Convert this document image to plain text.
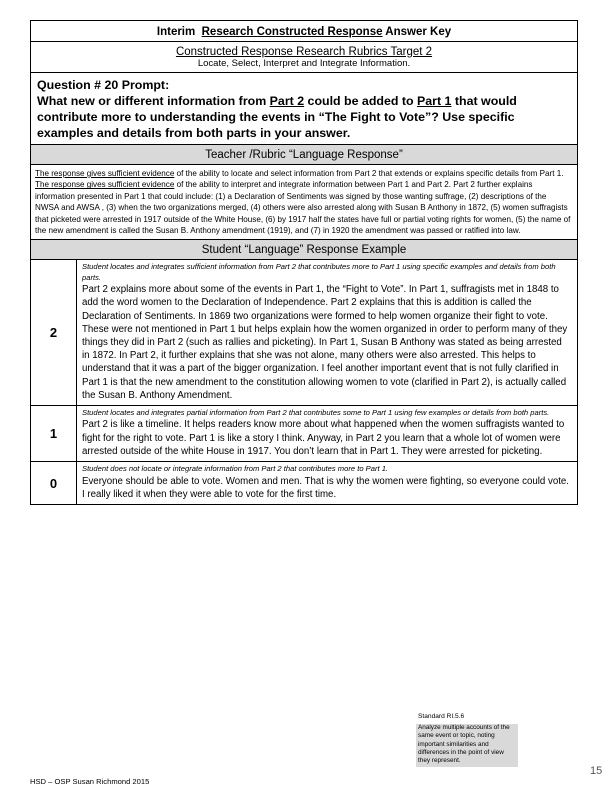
Interim Research Constructed Response Answer Key	

Constructed Response Research Rubrics Target 2
Locate, Select, Interpret and Integrate Information.	

Question # 20 Prompt:
What new or different information from Part 2 could be added to Part 1 that would contribute more to understanding the events in “The Fight to Vote”? Use specific examples and details from both parts in your answer.	

Teacher /Rubric “Language Response”	

The response gives sufficient evidence of the ability to locate and select information from Part 2 that extends or explains specific details from Part 1.
The response gives sufficient evidence of the ability to interpret and integrate information between Part 1 and Part 2. Part 2 further explains information presented in Part 1 that could include: (1) a Declaration of Sentiments was signed by those wanting suffrage, (2) descriptions of the NWSA and AWSA , (3) when the two organizations merged, (4) others were also arrested along with Susan B Anthony in 1872, (5) women suffragists that picketed were arrested in 1917 outside of the White House, (6) by 1917 half the states have full or partial voting rights for women, (5) the name of the new amendment is called the Susan B. Anthony amendment (1919), and (7) in 1920 the amendment was passed or ratified into law.	

Student “Language” Response Example	
2	Student locates and integrates sufficient information from Part 2 that contributes more to Part 1 using specific examples and details from both parts.
Part 2 explains more about some of the events in Part 1, the “Fight to Vote”. In Part 1, suffragists met in 1848 to add the word women to the Declaration of Independence. Part 2 explains that this is addition is called the Declaration of Sentiments. In 1869 two organizations were formed to help women organize their fight to vote. These were not mentioned in Part 1 but helps explain how the women organized in order to perform many of they things they did in Part 2 (such as rallies and picketing). In Part 1, Susan B Anthony was stated as being arrested in 1872. In Part 2, it further explains that she was not alone, many others were also arrested. This helps to understand that it was a part of the bigger organization. I feel another important event that is not fully clarified in Part 1 is that the new amendment to the constitution allowing women to vote (clarified in Part 2), is actually called the Susan B. Anthony Amendment.

1	Student locates and integrates partial information from Part 2 that contributes some to Part 1 using few examples or details from both parts.
Part 2 is like a timeline. It helps readers know more about what happened when the women suffragists wanted to fight for the right to vote. Part 1 is like a story I think. Anyway, in Part 2 you learn that a whole lot of women were arrested outside of the white House in 1917. You don’t learn that in Part 1. They were arrested for picketing.

0	Student does not locate or integrate information from Part 2 that contributes more to Part 1.
Everyone should be able to vote. Women and men. That is why the women were fighting, so everyone could vote. I really liked it when they were able to vote for the first time.
Standard RI.5.6
Analyze multiple accounts of the same event or topic, noting important similarities and differences in the point of view they represent.
HSD – OSP Susan Richmond 2015
15
